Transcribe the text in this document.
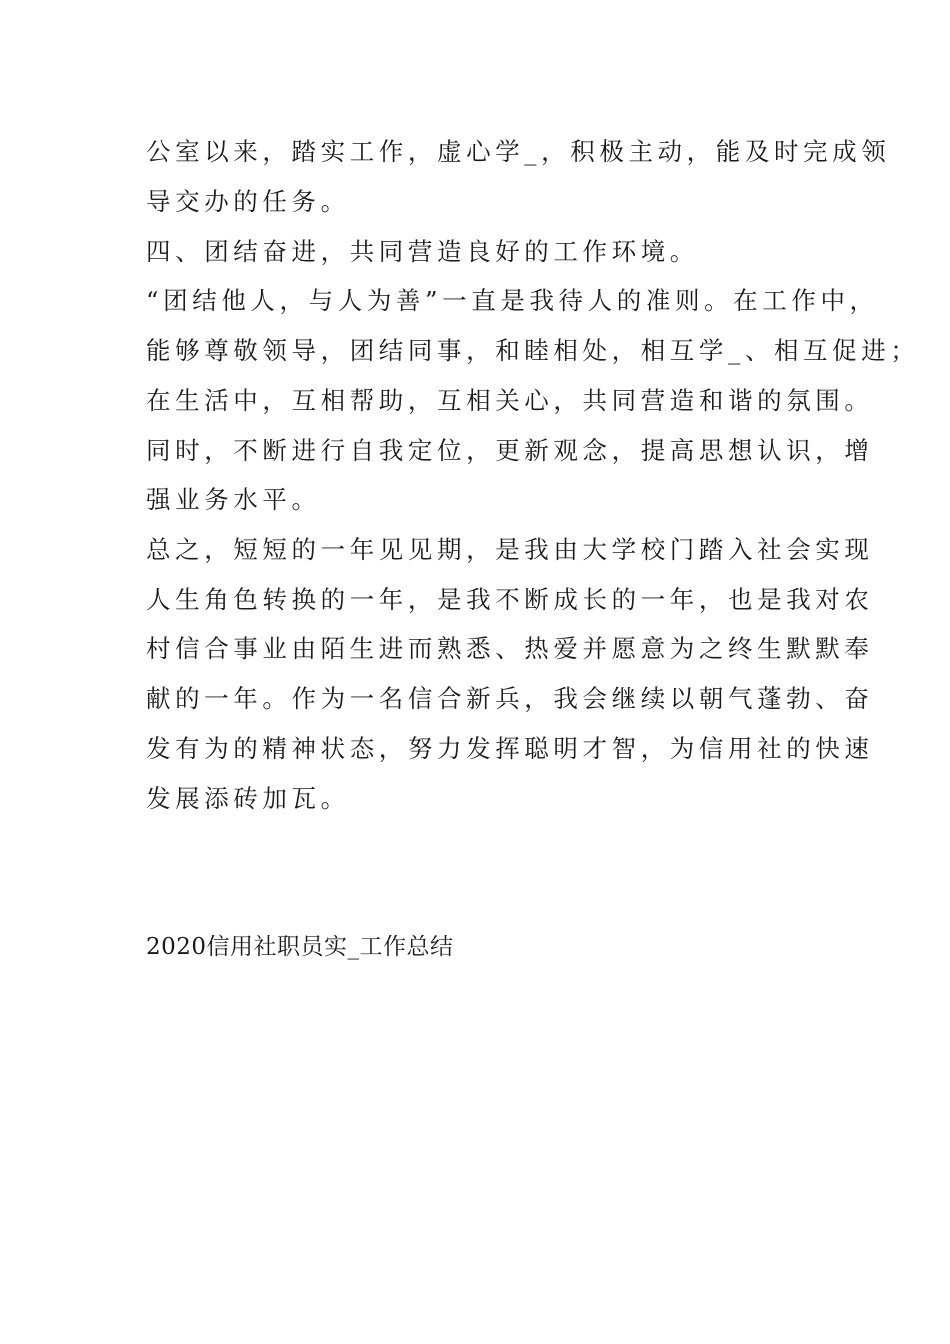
公室以来，踏实工作，虚心学_，积极主动，能及时完成领
导交办的任务。
四、团结奋进，共同营造良好的工作环境。
“团结他人，与人为善”一直是我待人的准则。在工作中，
能够尊敬领导，团结同事，和睦相处，相互学_、相互促进；
在生活中，互相帮助，互相关心，共同营造和谐的氛围。
同时，不断进行自我定位，更新观念，提高思想认识，增
强业务水平。
总之，短短的一年见见期，是我由大学校门踏入社会实现
人生角色转换的一年，是我不断成长的一年，也是我对农
村信合事业由陌生进而熟悉、热爱并愿意为之终生默默奉
献的一年。作为一名信合新兵，我会继续以朝气蓬勃、奋
发有为的精神状态，努力发挥聪明才智，为信用社的快速
发展添砖加瓦。
2020信用社职员实_工作总结
